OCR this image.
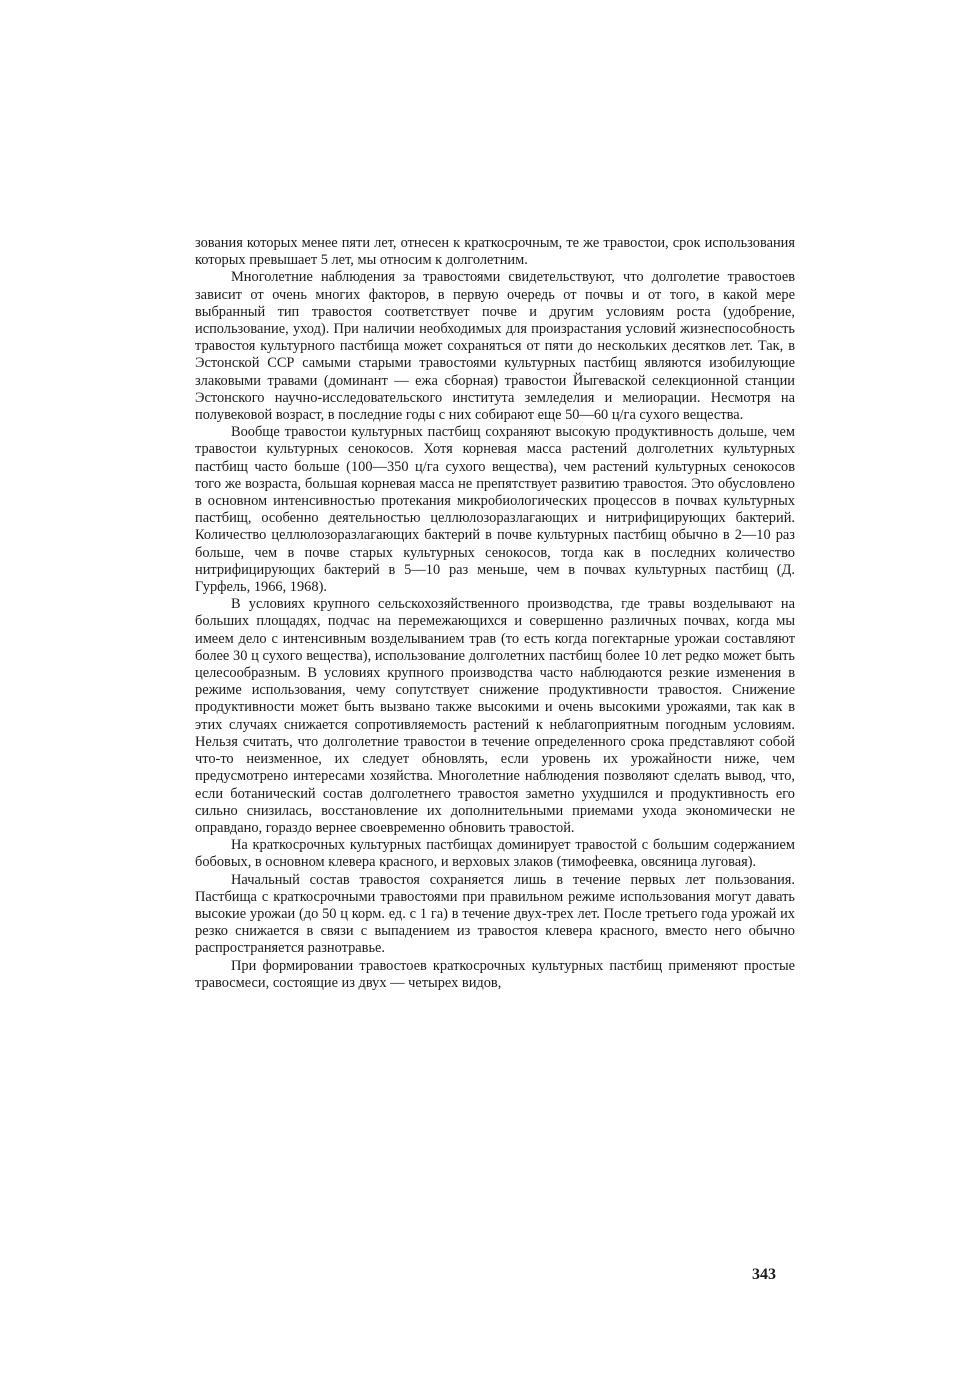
зования которых менее пяти лет, отнесен к краткосрочным, те же травостои, срок использования которых превышает 5 лет, мы относим к долголетним.

Многолетние наблюдения за травостоями свидетельствуют, что долголетие травостоев зависит от очень многих факторов, в первую очередь от почвы и от того, в какой мере выбранный тип травостоя соответствует почве и другим условиям роста (удобрение, использование, уход). При наличии необходимых для произрастания условий жизнеспособность травостоя культурного пастбища может сохраняться от пяти до нескольких десятков лет. Так, в Эстонской ССР самыми старыми травостоями культурных пастбищ являются изобилующие злаковыми травами (доминант — ежа сборная) травостои Йыгеваской селекционной станции Эстонского научно-исследовательского института земледелия и мелиорации. Несмотря на полувековой возраст, в последние годы с них собирают еще 50—60 ц/га сухого вещества.

Вообще травостои культурных пастбищ сохраняют высокую продуктивность дольше, чем травостои культурных сенокосов. Хотя корневая масса растений долголетних культурных пастбищ часто больше (100—350 ц/га сухого вещества), чем растений культурных сенокосов того же возраста, большая корневая масса не препятствует развитию травостоя. Это обусловлено в основном интенсивностью протекания микробиологических процессов в почвах культурных пастбищ, особенно деятельностью целлюлозоразлагающих и нитрифицирующих бактерий. Количество целлюлозоразлагающих бактерий в почве культурных пастбищ обычно в 2—10 раз больше, чем в почве старых культурных сенокосов, тогда как в последних количество нитрифицирующих бактерий в 5—10 раз меньше, чем в почвах культурных пастбищ (Д. Гурфель, 1966, 1968).

В условиях крупного сельскохозяйственного производства, где травы возделывают на больших площадях, подчас на перемежающихся и совершенно различных почвах, когда мы имеем дело с интенсивным возделыванием трав (то есть когда погектарные урожаи составляют более 30 ц сухого вещества), использование долголетних пастбищ более 10 лет редко может быть целесообразным. В условиях крупного производства часто наблюдаются резкие изменения в режиме использования, чему сопутствует снижение продуктивности травостоя. Снижение продуктивности может быть вызвано также высокими и очень высокими урожаями, так как в этих случаях снижается сопротивляемость растений к неблагоприятным погодным условиям. Нельзя считать, что долголетние травостои в течение определенного срока представляют собой что-то неизменное, их следует обновлять, если уровень их урожайности ниже, чем предусмотрено интересами хозяйства. Многолетние наблюдения позволяют сделать вывод, что, если ботанический состав долголетнего травостоя заметно ухудшился и продуктивность его сильно снизилась, восстановление их дополнительными приемами ухода экономически не оправдано, гораздо вернее своевременно обновить травостой.

На краткосрочных культурных пастбищах доминирует травостой с большим содержанием бобовых, в основном клевера красного, и верховых злаков (тимофеевка, овсяница луговая).

Начальный состав травостоя сохраняется лишь в течение первых лет пользования. Пастбища с краткосрочными травостоями при правильном режиме использования могут давать высокие урожаи (до 50 ц корм. ед. с 1 га) в течение двух-трех лет. После третьего года урожай их резко снижается в связи с выпадением из травостоя клевера красного, вместо него обычно распространяется разнотравье.

При формировании травостоев краткосрочных культурных пастбищ применяют простые травосмеси, состоящие из двух — четырех видов,

343
